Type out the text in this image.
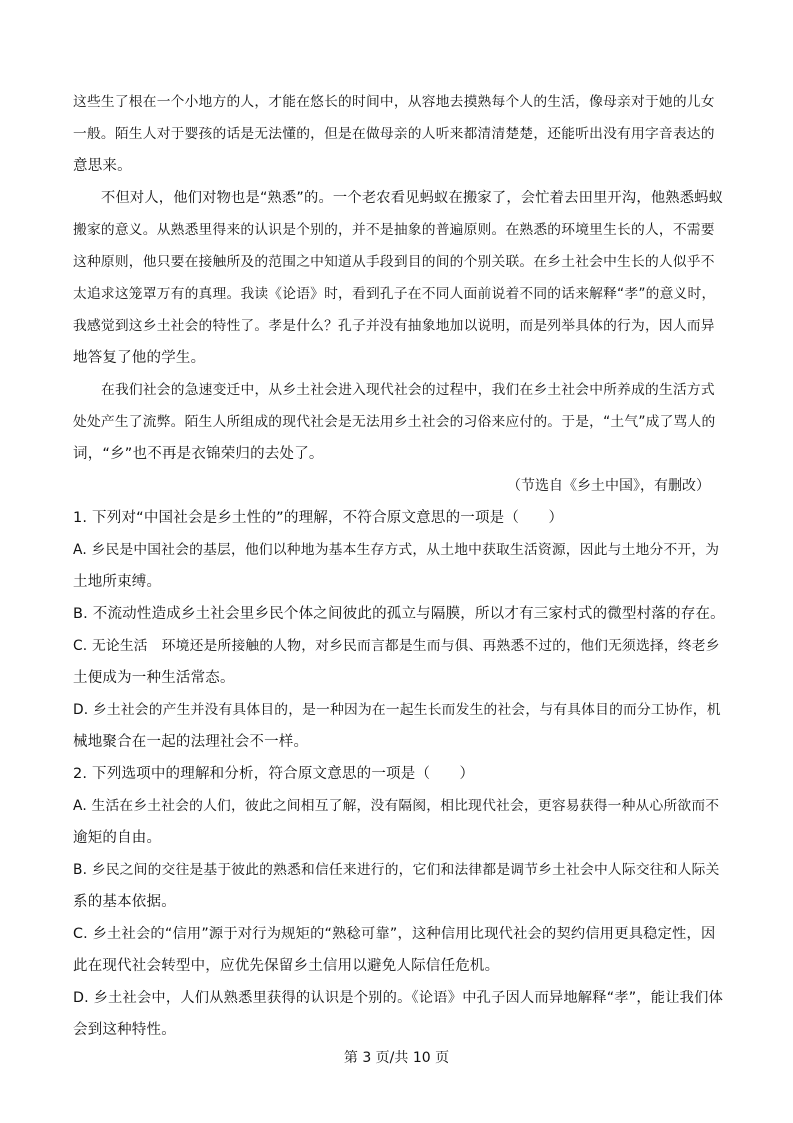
这些生了根在一个小地方的人，才能在悠长的时间中，从容地去摸熟每个人的生活，像母亲对于她的儿女
一般。陌生人对于婴孩的话是无法懂的，但是在做母亲的人听来都清清楚楚，还能听出没有用字音表达的
意思来。
不但对人，他们对物也是“熟悉”的。一个老农看见蚂蚁在搬家了，会忙着去田里开沟，他熟悉蚂蚁
搬家的意义。从熟悉里得来的认识是个别的，并不是抽象的普遍原则。在熟悉的环境里生长的人，不需要
这种原则，他只要在接触所及的范围之中知道从手段到目的间的个别关联。在乡土社会中生长的人似乎不
太追求这笼罩万有的真理。我读《论语》时，看到孔子在不同人面前说着不同的话来解释“孝”的意义时，
我感觉到这乡土社会的特性了。孝是什么？孔子并没有抽象地加以说明，而是列举具体的行为，因人而异
地答复了他的学生。
在我们社会的急速变迁中，从乡土社会进入现代社会的过程中，我们在乡土社会中所养成的生活方式
处处产生了流弊。陌生人所组成的现代社会是无法用乡土社会的习俗来应付的。于是，“土气”成了骂人的
词，“乡”也不再是衣锦荣归的去处了。
（节选自《乡土中国》，有删改）
1. 下列对“中国社会是乡土性的”的理解，不符合原文意思的一项是（　　）
A. 乡民是中国社会的基层，他们以种地为基本生存方式，从土地中获取生活资源，因此与土地分不开，为
土地所束缚。
B. 不流动性造成乡土社会里乡民个体之间彼此的孤立与隔膜，所以才有三家村式的微型村落的存在。
C. 无论生活　环境还是所接触的人物，对乡民而言都是生而与俱、再熟悉不过的，他们无须选择，终老乡
土便成为一种生活常态。
D. 乡土社会的产生并没有具体目的，是一种因为在一起生长而发生的社会，与有具体目的而分工协作，机
械地聚合在一起的法理社会不一样。
2. 下列选项中的理解和分析，符合原文意思的一项是（　　）
A. 生活在乡土社会的人们，彼此之间相互了解，没有隔阂，相比现代社会，更容易获得一种从心所欲而不
逾矩的自由。
B. 乡民之间的交往是基于彼此的熟悉和信任来进行的，它们和法律都是调节乡土社会中人际交往和人际关
系的基本依据。
C. 乡土社会的“信用”源于对行为规矩的“熟稔可靠”，这种信用比现代社会的契约信用更具稳定性，因
此在现代社会转型中，应优先保留乡土信用以避免人际信任危机。
D. 乡土社会中，人们从熟悉里获得的认识是个别的。《论语》中孔子因人而异地解释“孝”，能让我们体
会到这种特性。
第 3 页/共 10 页
